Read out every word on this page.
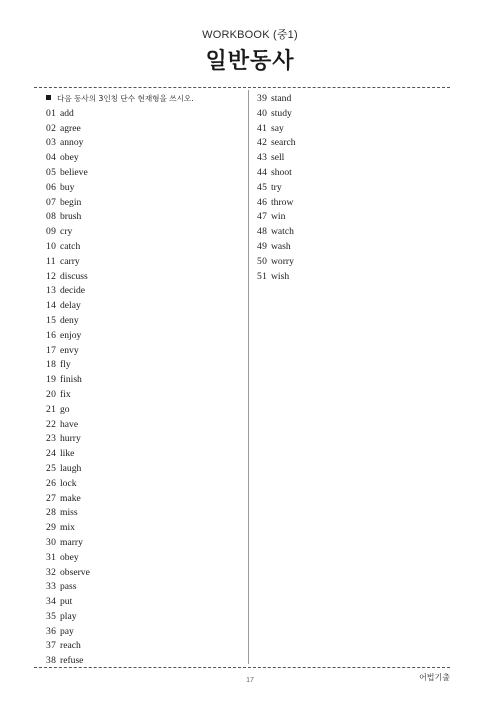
WORKBOOK (중1)
일반동사
다음 동사의 3인칭 단수 현재형을 쓰시오.
01 add
02 agree
03 annoy
04 obey
05 believe
06 buy
07 begin
08 brush
09 cry
10 catch
11 carry
12 discuss
13 decide
14 delay
15 deny
16 enjoy
17 envy
18 fly
19 finish
20 fix
21 go
22 have
23 hurry
24 like
25 laugh
26 lock
27 make
28 miss
29 mix
30 marry
31 obey
32 observe
33 pass
34 put
35 play
36 pay
37 reach
38 refuse
39 stand
40 study
41 say
42 search
43 sell
44 shoot
45 try
46 throw
47 win
48 watch
49 wash
50 worry
51 wish
17	어법기출
